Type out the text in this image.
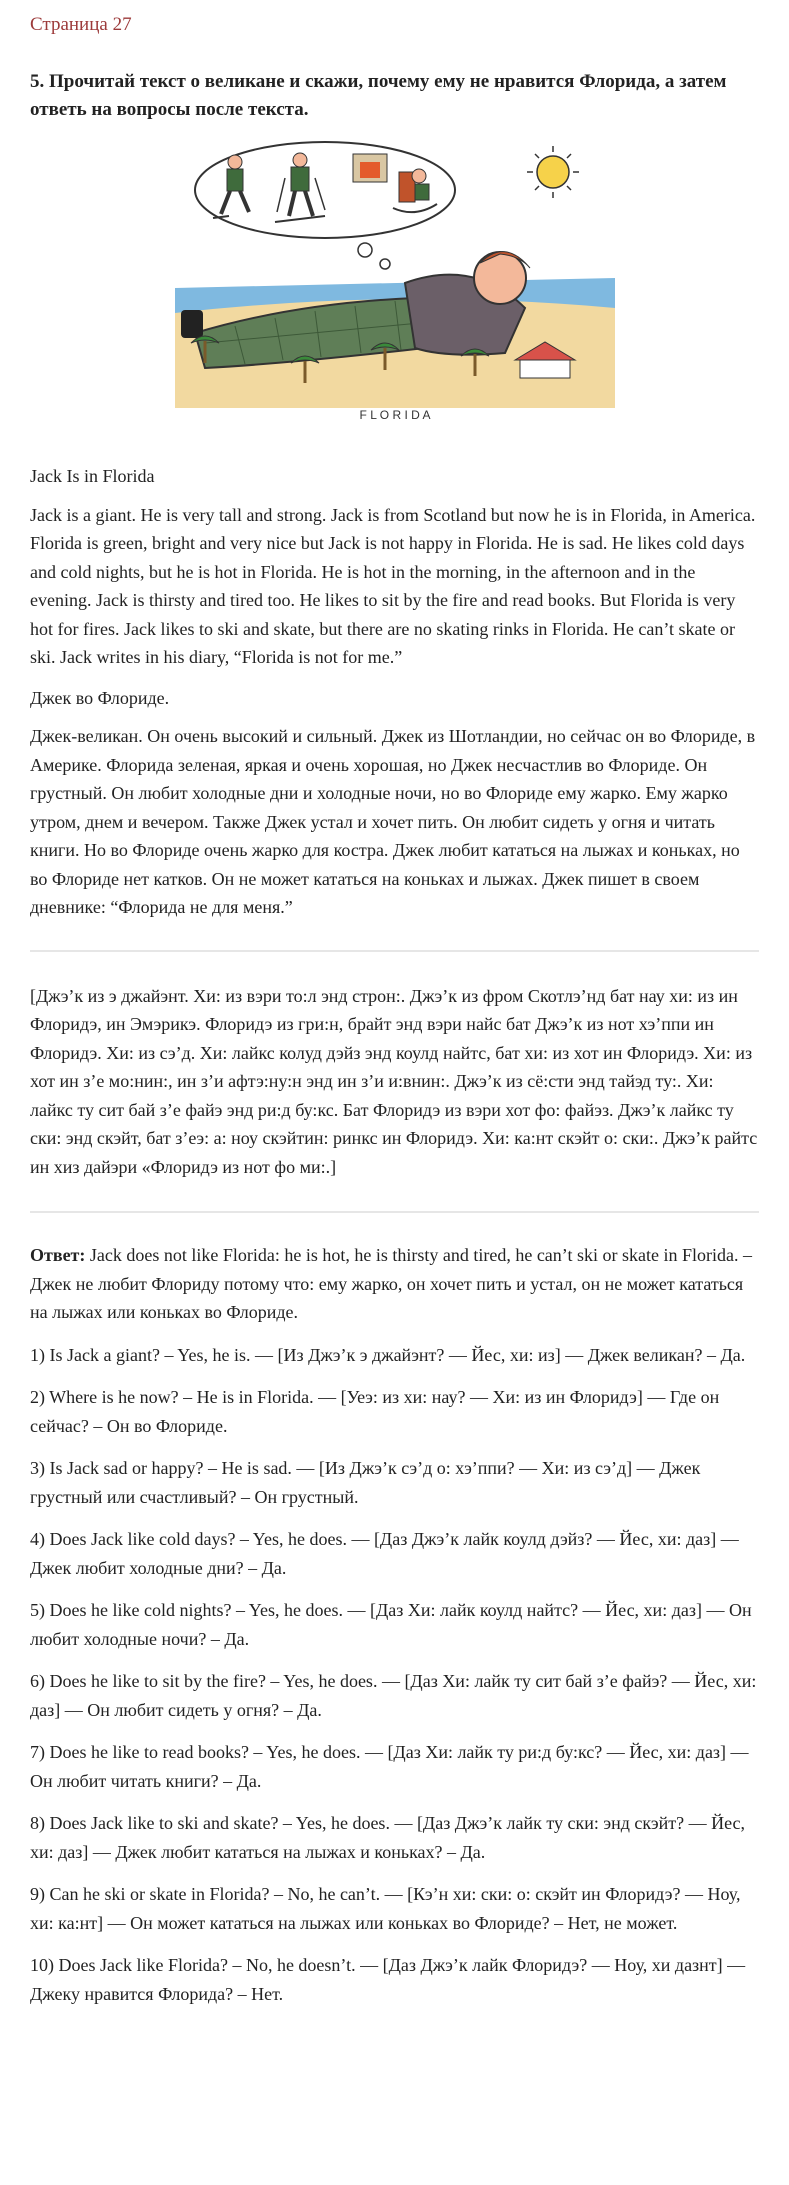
Страница 27
5. Прочитай текст о великане и скажи, почему ему не нравится Флорида, а затем ответь на вопросы после текста.
F L O R I D A

Jack Is in Florida

Jack is a giant. He is very tall and strong. Jack is from Scotland but now he is in Florida, in America. Florida is green, bright and very nice but Jack is not happy in Florida. He is sad. He likes cold days and cold nights, but he is hot in Florida. He is hot in the morning, in the afternoon and in the evening. Jack is thirsty and tired too. He likes to sit by the fire and read books. But Florida is very hot for fires. Jack likes to ski and skate, but there are no skating rinks in Florida. He can’t skate or ski. Jack writes in his diary, “Florida is not for me.”

Джек во Флориде.

Джек-великан. Он очень высокий и сильный. Джек из Шотландии, но сейчас он во Флориде, в Америке. Флорида зеленая, яркая и очень хорошая, но Джек несчастлив во Флориде. Он грустный. Он любит холодные дни и холодные ночи, но во Флориде ему жарко. Ему жарко утром, днем и вечером. Также Джек устал и хочет пить. Он любит сидеть у огня и читать книги. Но во Флориде очень жарко для костра. Джек любит кататься на лыжах и коньках, но во Флориде нет катков. Он не может кататься на коньках и лыжах. Джек пишет в своем дневнике: “Флорида не для меня.”

[Джэ’к из э джайэнт. Хи: из вэри то:л энд строн:. Джэ’к из фром Скотлэ’нд бат нау хи: из ин Флоридэ, ин Эмэрикэ. Флоридэ из гри:н, брайт энд вэри найс бат Джэ’к из нот хэ’ппи ин Флоридэ. Хи: из сэ’д. Хи: лайкс колуд дэйз энд коулд найтс, бат хи: из хот ин Флоридэ. Хи: из хот ин з’е мо:нин:, ин з’и афтэ:ну:н энд ин з’и и:внин:. Джэ’к из сё:сти энд тайэд ту:. Хи: лайкс ту сит бай з’е файэ энд ри:д бу:кс. Бат Флоридэ из вэри хот фо: файэз. Джэ’к лайкс ту ски: энд скэйт, бат з’еэ: а: ноу скэйтин: ринкс ин Флоридэ. Хи: ка:нт скэйт о: ски:. Джэ’к райтс ин хиз дайэри «Флоридэ из нот фо ми:.]

Ответ: Jack does not like Florida: he is hot, he is thirsty and tired, he can’t ski or skate in Florida. – Джек не любит Флориду потому что: ему жарко, он хочет пить и устал, он не может кататься на лыжах или коньках во Флориде.

1) Is Jack a giant? – Yes, he is. — [Из Джэ’к э джайэнт? — Йес, хи: из] — Джек великан? – Да.

2) Where is he now? – He is in Florida. — [Уеэ: из хи: нау? — Хи: из ин Флоридэ] — Где он сейчас? – Он во Флориде.

3) Is Jack sad or happy? – He is sad. — [Из Джэ’к сэ’д о: хэ’ппи? — Хи: из сэ’д] — Джек грустный или счастливый? – Он грустный.

4) Does Jack like cold days? – Yes, he does. — [Даз Джэ’к лайк коулд дэйз? — Йес, хи: даз] — Джек любит холодные дни? – Да.

5) Does he like cold nights? – Yes, he does. — [Даз Хи: лайк коулд найтс? — Йес, хи: даз] — Он любит холодные ночи? – Да.

6) Does he like to sit by the fire? – Yes, he does. — [Даз Хи: лайк ту сит бай з’е файэ? — Йес, хи: даз] — Он любит сидеть у огня? – Да.

7) Does he like to read books? – Yes, he does. — [Даз Хи: лайк ту ри:д бу:кс? — Йес, хи: даз] — Он любит читать книги? – Да.

8) Does Jack like to ski and skate? – Yes, he does. — [Даз Джэ’к лайк ту ски: энд скэйт? — Йес, хи: даз] — Джек любит кататься на лыжах и коньках? – Да.

9) Can he ski or skate in Florida? – No, he can’t. — [Кэ’н хи: ски: о: скэйт ин Флоридэ? — Ноу, хи: ка:нт] — Он может кататься на лыжах или коньках во Флориде? – Нет, не может.

10) Does Jack like Florida? – No, he doesn’t. — [Даз Джэ’к лайк Флоридэ? — Ноу, хи дазнт] — Джеку нравится Флорида? – Нет.
